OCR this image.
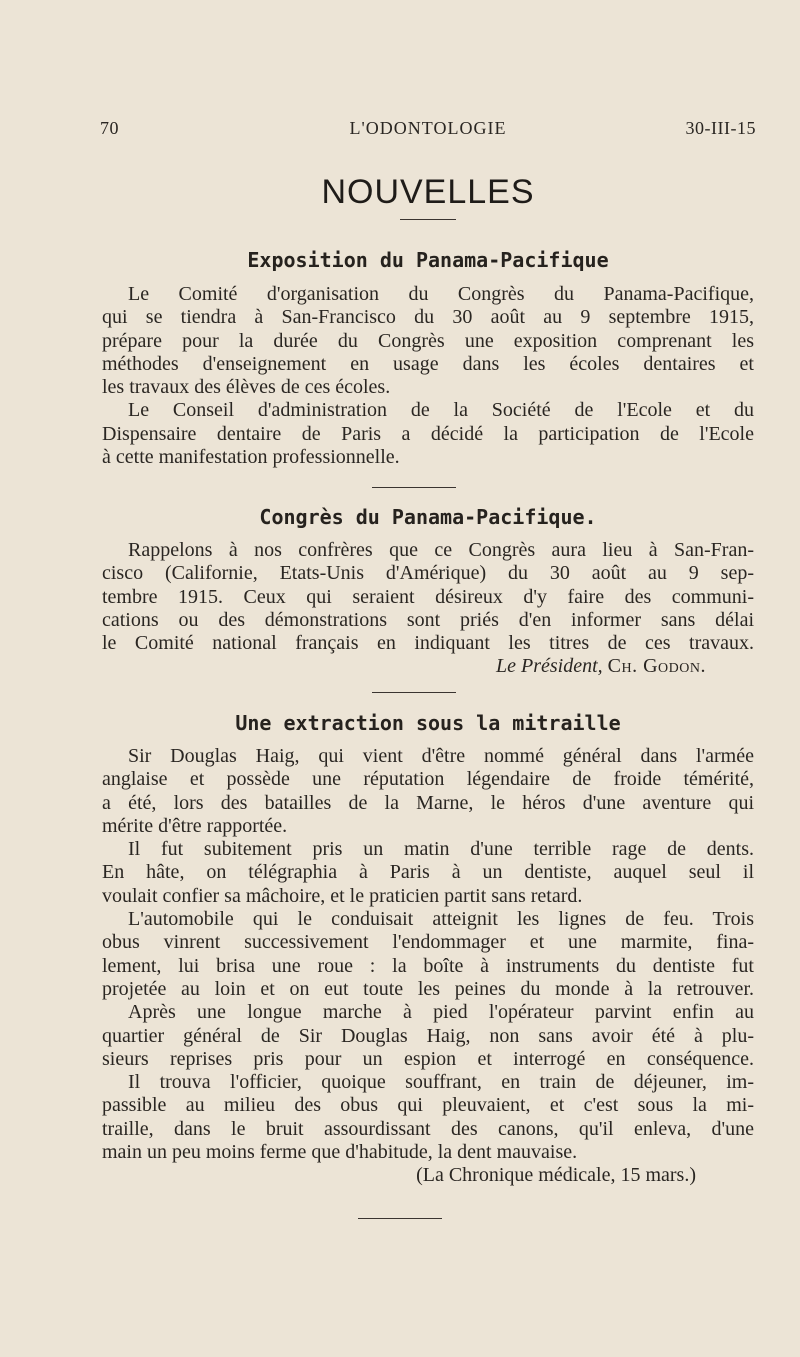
70	L'ODONTOLOGIE	30-III-15
NOUVELLES
Exposition du Panama-Pacifique
Le Comité d'organisation du Congrès du Panama-Pacifique,
qui se tiendra à San-Francisco du 30 août au 9 septembre 1915,
prépare pour la durée du Congrès une exposition comprenant les
méthodes d'enseignement en usage dans les écoles dentaires et
les travaux des élèves de ces écoles.
Le Conseil d'administration de la Société de l'Ecole et du
Dispensaire dentaire de Paris a décidé la participation de l'Ecole
à cette manifestation professionnelle.
Congrès du Panama-Pacifique.
Rappelons à nos confrères que ce Congrès aura lieu à San-Fran-
cisco (Californie, Etats-Unis d'Amérique) du 30 août au 9 sep-
tembre 1915. Ceux qui seraient désireux d'y faire des communi-
cations ou des démonstrations sont priés d'en informer sans délai
le Comité national français en indiquant les titres de ces travaux.
Le Président, Ch. Godon.
Une extraction sous la mitraille
Sir Douglas Haig, qui vient d'être nommé général dans l'armée
anglaise et possède une réputation légendaire de froide témérité,
a été, lors des batailles de la Marne, le héros d'une aventure qui
mérite d'être rapportée.
Il fut subitement pris un matin d'une terrible rage de dents.
En hâte, on télégraphia à Paris à un dentiste, auquel seul il
voulait confier sa mâchoire, et le praticien partit sans retard.
L'automobile qui le conduisait atteignit les lignes de feu. Trois
obus vinrent successivement l'endommager et une marmite, fina-
lement, lui brisa une roue : la boîte à instruments du dentiste fut
projetée au loin et on eut toute les peines du monde à la retrouver.
Après une longue marche à pied l'opérateur parvint enfin au
quartier général de Sir Douglas Haig, non sans avoir été à plu-
sieurs reprises pris pour un espion et interrogé en conséquence.
Il trouva l'officier, quoique souffrant, en train de déjeuner, im-
passible au milieu des obus qui pleuvaient, et c'est sous la mi-
traille, dans le bruit assourdissant des canons, qu'il enleva, d'une
main un peu moins ferme que d'habitude, la dent mauvaise.
(La Chronique médicale, 15 mars.)
